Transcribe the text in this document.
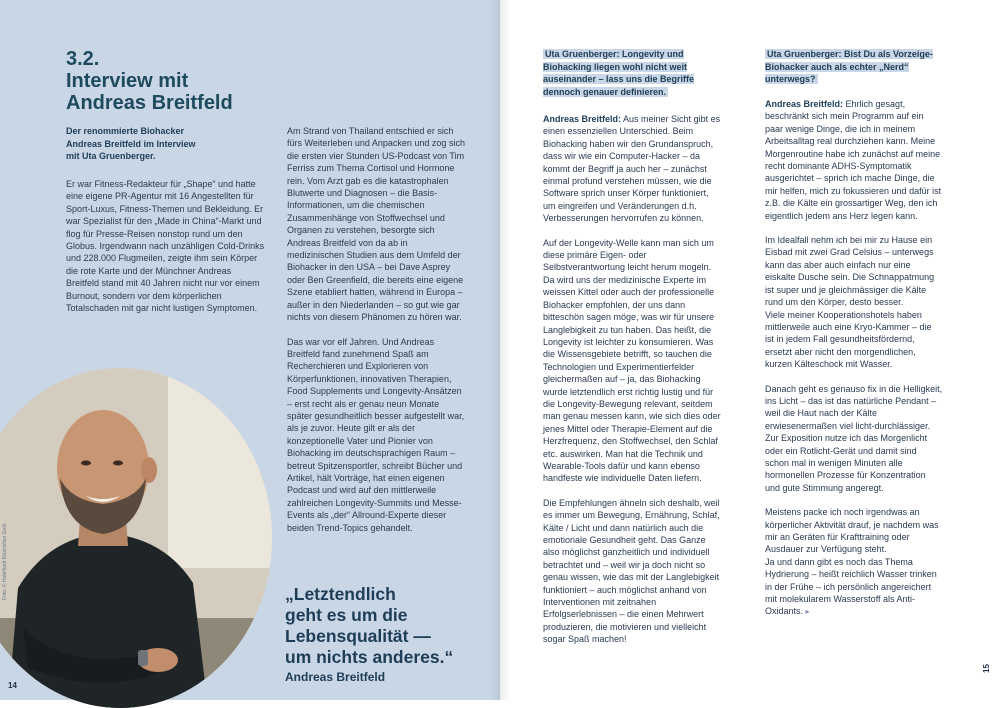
3.2.
Interview mit
Andreas Breitfeld
Der renommierte Biohacker
Andreas Breitfeld im Interview
mit Uta Gruenberger.

Er war Fitness-Redakteur für „Shape“ und hatte eine eigene PR-Agentur mit 16 Angestellten für Sport-Luxus, Fitness-Themen und Bekleidung. Er war Spezialist für den „Made in China“-Markt und flog für Presse-Reisen nonstop rund um den Globus. Irgendwann nach unzähligen Cold-Drinks und 228.000 Flugmeilen, zeigte ihm sein Körper die rote Karte und der Münchner Andreas Breitfeld stand mit 40 Jahren nicht nur vor einem Burnout, sondern vor dem körperlichen Totalschaden mit gar nicht lustigen Symptomen.

Am Strand von Thailand entschied er sich fürs Weiterleben und Anpacken und zog sich die ersten vier Stunden US-Podcast von Tim Ferriss zum Thema Cortisol und Hormone rein. Vom Arzt gab es die katastrophalen Blutwerte und Diagnosen – die Basis-Informationen, um die chemischen Zusammenhänge von Stoffwechsel und Organen zu verstehen, besorgte sich Andreas Breitfeld von da ab in medizinischen Studien aus dem Umfeld der Biohacker in den USA – bei Dave Asprey oder Ben Greenfield, die bereits eine eigene Szene etabliert hatten, während in Europa – außer in den Niederlanden – so gut wie gar nichts von diesem Phänomen zu hören war.

Das war vor elf Jahren. Und Andreas Breitfeld fand zunehmend Spaß am Recherchieren und Explorieren von Körperfunktionen, innovativen Therapien, Food Supplements und Longevity-Ansätzen – erst recht als er genau neun Monate später gesundheitlich besser aufgestellt war, als je zuvor. Heute gilt er als der konzeptionelle Vater und Pionier von Biohacking im deutschsprachigen Raum – betreut Spitzensportler, schreibt Bücher und Artikel, hält Vorträge, hat einen eigenen Podcast und wird auf den mittlerweile zahlreichen Longevity-Summits und Messe-Events als „der“ Allround-Experte dieser beiden Trend-Topics gehandelt.

Foto: © Hotelfood Maximilian Geib
14
„Letztendlich
geht es um die
Lebensqualität —
um nichts anderes.“
Andreas Breitfeld
Uta Gruenberger: Longevity und Biohacking liegen wohl nicht weit auseinander – lass uns die Begriffe dennoch genauer definieren.

Andreas Breitfeld: Aus meiner Sicht gibt es einen essenziellen Unterschied. Beim Biohacking haben wir den Grundanspruch, dass wir wie ein Computer-Hacker – da kommt der Begriff ja auch her – zunächst einmal profund verstehen müssen, wie die Software sprich unser Körper funktioniert, um eingreifen und Veränderungen d.h. Verbesserungen hervorrufen zu können.

Auf der Longevity-Welle kann man sich um diese primäre Eigen- oder Selbstverantwortung leicht herum mogeln. Da wird uns der medizinische Experte im weissen Kittel oder auch der professionelle Biohacker empfohlen, der uns dann bitteschön sagen möge, was wir für unsere Langlebigkeit zu tun haben. Das heißt, die Longevity ist leichter zu konsumieren. Was die Wissensgebiete betrifft, so tauchen die Technologien und Experimentierfelder gleichermaßen auf – ja, das Biohacking wurde letztendlich erst richtig lustig und für die Longevity-Bewegung relevant, seitdem man genau messen kann, wie sich dies oder jenes Mittel oder Therapie-Element auf die Herzfrequenz, den Stoffwechsel, den Schlaf etc. auswirken. Man hat die Technik und Wearable-Tools dafür und kann ebenso handfeste wie individuelle Daten liefern.

Die Empfehlungen ähneln sich deshalb, weil es immer um Bewegung, Ernährung, Schlaf, Kälte / Licht und dann natürlich auch die emotionale Gesundheit geht. Das Ganze also möglichst ganzheitlich und individuell betrachtet und – weil wir ja doch nicht so genau wissen, wie das mit der Langlebigkeit funktioniert – auch möglichst anhand von Interventionen mit zeitnahen Erfolgserlebnissen – die einen Mehrwert produzieren, die motivieren und vielleicht sogar Spaß machen!

Uta Gruenberger: Bist Du als Vorzeige-Biohacker auch als echter „Nerd“ unterwegs?

Andreas Breitfeld: Ehrlich gesagt, beschränkt sich mein Programm auf ein paar wenige Dinge, die ich in meinem Arbeitsalltag real durchziehen kann. Meine Morgenroutine habe ich zunächst auf meine recht dominante ADHS-Symptomatik ausgerichtet – sprich ich mache Dinge, die mir helfen, mich zu fokussieren und dafür ist z.B. die Kälte ein grossartiger Weg, den ich eigentlich jedem ans Herz legen kann.

Im Idealfall nehm ich bei mir zu Hause ein Eisbad mit zwei Grad Celsius – unterwegs kann das aber auch einfach nur eine eiskalte Dusche sein. Die Schnappatmung ist super und je gleichmässiger die Kälte rund um den Körper, desto besser.

Viele meiner Kooperationshotels haben mittlerweile auch eine Kryo-Kammer – die ist in jedem Fall gesundheitsfördernd, ersetzt aber nicht den morgendlichen, kurzen Kälteschock mit Wasser.

Danach geht es genauso fix in die Helligkeit, ins Licht – das ist das natürliche Pendant – weil die Haut nach der Kälte erwiesenermaßen viel licht-durchlässiger. Zur Exposition nutze ich das Morgenlicht oder ein Rotlicht-Gerät und damit sind schon mal in wenigen Minuten alle hormonellen Prozesse für Konzentration und gute Stimmung angeregt.

Meistens packe ich noch irgendwas an körperlicher Aktivität drauf, je nachdem was mir an Geräten für Krafttraining oder Ausdauer zur Verfügung steht.

Ja und dann gibt es noch das Thema Hydrierung – heißt reichlich Wasser trinken in der Frühe – ich persönlich angereichert mit molekularem Wasserstoff als Anti-Oxidants. ▸

15
